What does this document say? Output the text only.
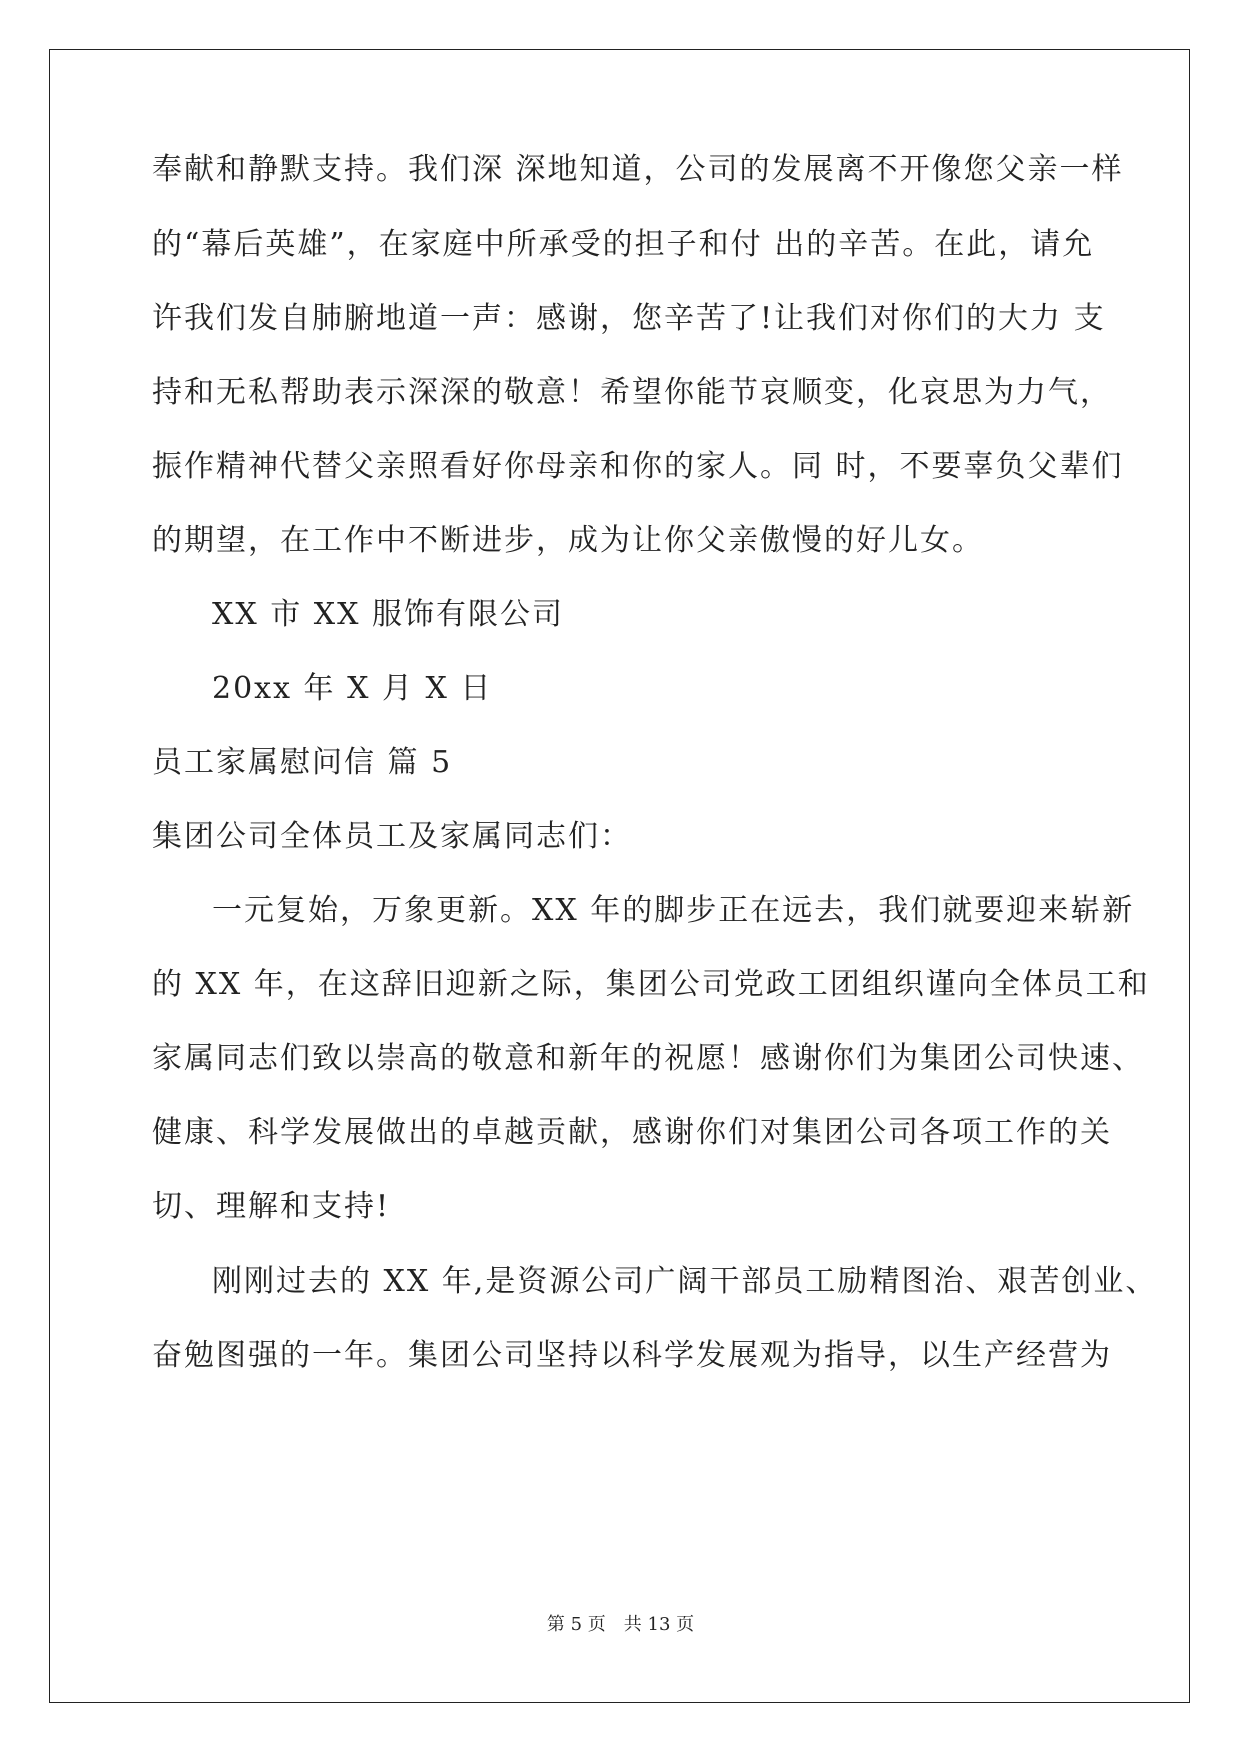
奉献和静默支持。我们深 深地知道，公司的发展离不开像您父亲一样

的“幕后英雄”，在家庭中所承受的担子和付 出的辛苦。在此，请允

许我们发自肺腑地道一声：感谢，您辛苦了!让我们对你们的大力 支

持和无私帮助表示深深的敬意！希望你能节哀顺变，化哀思为力气，

振作精神代替父亲照看好你母亲和你的家人。同 时，不要辜负父辈们

的期望，在工作中不断进步，成为让你父亲傲慢的好儿女。

XX 市 XX 服饰有限公司

20xx 年 X 月 X 日

员工家属慰问信 篇 5

集团公司全体员工及家属同志们：

一元复始，万象更新。XX 年的脚步正在远去，我们就要迎来崭新

的 XX 年，在这辞旧迎新之际，集团公司党政工团组织谨向全体员工和

家属同志们致以崇高的敬意和新年的祝愿！感谢你们为集团公司快速、

健康、科学发展做出的卓越贡献，感谢你们对集团公司各项工作的关

切、理解和支持!

刚刚过去的 XX 年,是资源公司广阔干部员工励精图治、艰苦创业、

奋勉图强的一年。集团公司坚持以科学发展观为指导，以生产经营为

第 5 页　共 13 页
